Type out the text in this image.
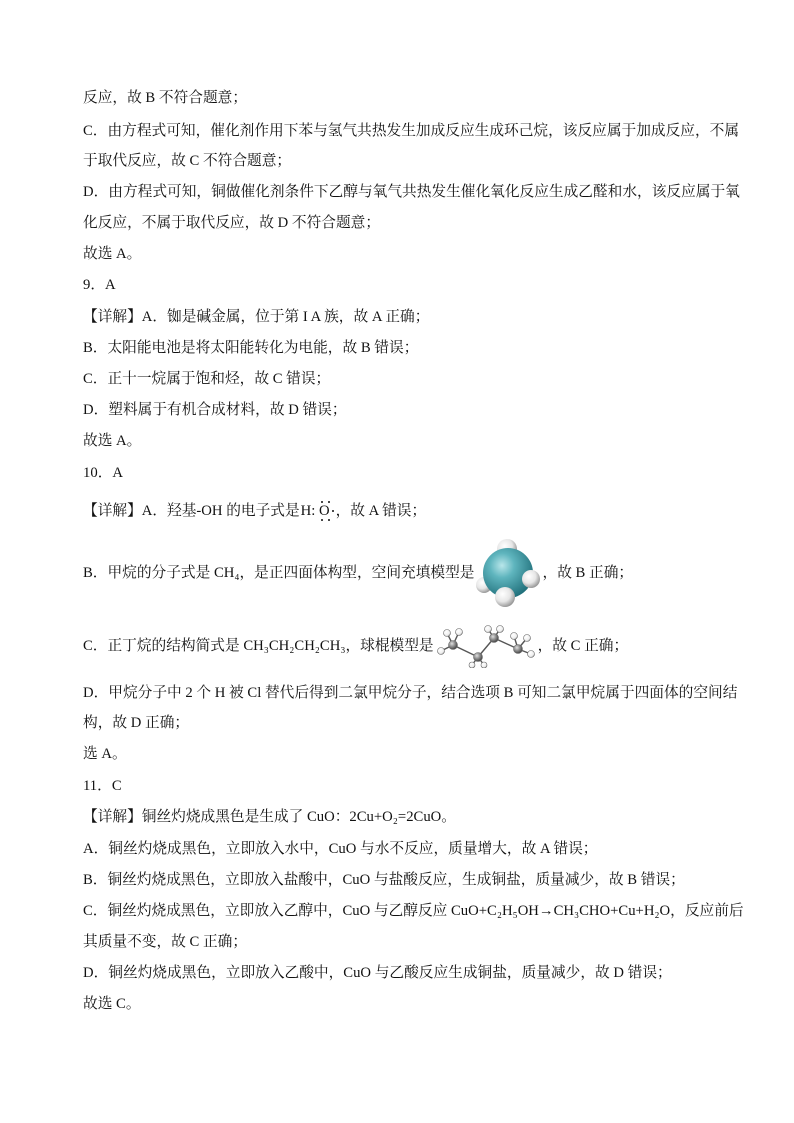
反应，故 B 不符合题意；
C．由方程式可知，催化剂作用下苯与氢气共热发生加成反应生成环己烷，该反应属于加成反应，不属
于取代反应，故 C 不符合题意；
D．由方程式可知，铜做催化剂条件下乙醇与氧气共热发生催化氧化反应生成乙醛和水，该反应属于氧
化反应，不属于取代反应，故 D 不符合题意；
故选 A。
9．A
【详解】A．铷是碱金属，位于第 I A 族，故 A 正确；
B．太阳能电池是将太阳能转化为电能，故 B 错误；
C．正十一烷属于饱和烃，故 C 错误；
D．塑料属于有机合成材料，故 D 错误；
故选 A。
10．A
【详解】A．羟基-OH 的电子式是 H: O ，故 A 错误；
B．甲烷的分子式是 CH₄，是正四面体构型，空间充填模型是	，故 B 正确；
C．正丁烷的结构简式是 CH₃CH₂CH₂CH₃，球棍模型是	，故 C 正确；
D．甲烷分子中 2 个 H 被 Cl 替代后得到二氯甲烷分子，结合选项 B 可知二氯甲烷属于四面体的空间结
构，故 D 正确；
选 A。
11．C
【详解】铜丝灼烧成黑色是生成了 CuO：2Cu+O₂=2CuO。
A．铜丝灼烧成黑色，立即放入水中，CuO 与水不反应，质量增大，故 A 错误；
B．铜丝灼烧成黑色，立即放入盐酸中，CuO 与盐酸反应，生成铜盐，质量减少，故 B 错误；
C．铜丝灼烧成黑色，立即放入乙醇中，CuO 与乙醇反应 CuO+C₂H₅OH→CH₃CHO+Cu+H₂O，反应前后
其质量不变，故 C 正确；
D．铜丝灼烧成黑色，立即放入乙酸中，CuO 与乙酸反应生成铜盐，质量减少，故 D 错误；
故选 C。
